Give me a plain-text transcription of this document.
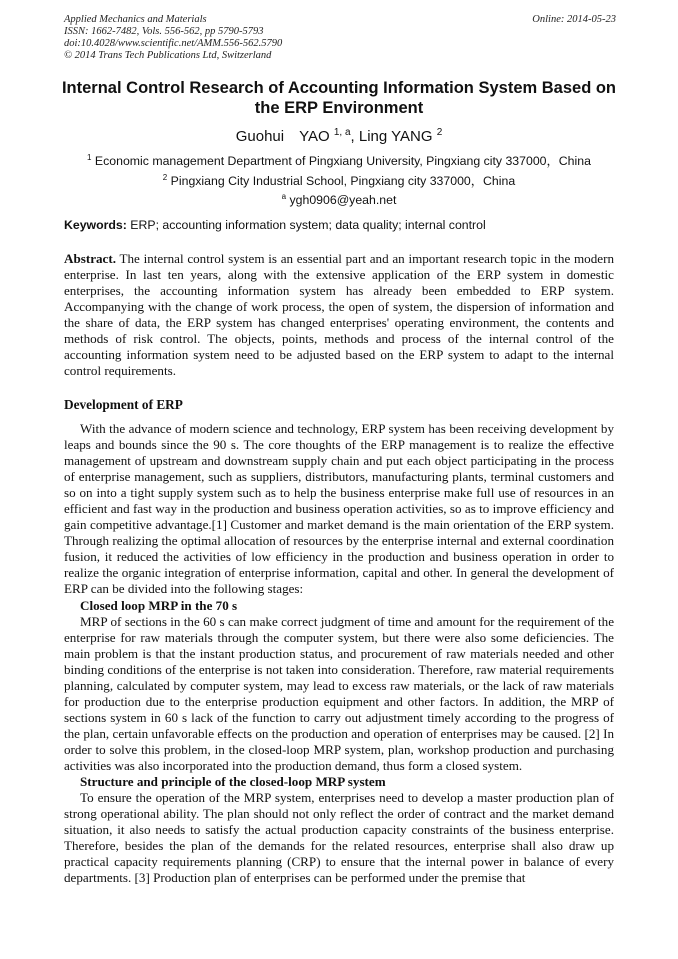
Applied Mechanics and Materials
ISSN: 1662-7482, Vols. 556-562, pp 5790-5793
doi:10.4028/www.scientific.net/AMM.556-562.5790
© 2014 Trans Tech Publications Ltd, Switzerland
Online: 2014-05-23
Internal Control Research of Accounting Information System Based on
the ERP Environment
Guohui　YAO $^{1, a}$, Ling YANG $^2$
$^1$ Economic management Department of Pingxiang University, Pingxiang city 337000，China
$^2$ Pingxiang City Industrial School, Pingxiang city 337000，China
$^a$ ygh0906@yeah.net
Keywords: ERP; accounting information system; data quality; internal control
Abstract. The internal control system is an essential part and an important research topic in the modern enterprise. In last ten years, along with the extensive application of the ERP system in domestic enterprises, the accounting information system has already been embedded to ERP system. Accompanying with the change of work process, the open of system, the dispersion of information and the share of data, the ERP system has changed enterprises' operating environment, the contents and methods of risk control. The objects, points, methods and process of the internal control of the accounting information system need to be adjusted based on the ERP system to adapt to the internal control requirements.
Development of ERP

With the advance of modern science and technology, ERP system has been receiving development by leaps and bounds since the 90 s. The core thoughts of the ERP management is to realize the effective management of upstream and downstream supply chain and put each object participating in the process of enterprise management, such as suppliers, distributors, manufacturing plants, terminal customers and so on into a tight supply system such as to help the business enterprise make full use of resources in an efficient and fast way in the production and business operation activities, so as to improve efficiency and gain competitive advantage.[1] Customer and market demand is the main orientation of the ERP system. Through realizing the optimal allocation of resources by the enterprise internal and external coordination fusion, it reduced the activities of low efficiency in the production and business operation in order to realize the organic integration of enterprise information, capital and other. In general the development of ERP can be divided into the following stages:

Closed loop MRP in the 70 s

MRP of sections in the 60 s can make correct judgment of time and amount for the requirement of the enterprise for raw materials through the computer system, but there were also some deficiencies. The main problem is that the instant production status, and procurement of raw materials needed and other binding conditions of the enterprise is not taken into consideration. Therefore, raw material requirements planning, calculated by computer system, may lead to excess raw materials, or the lack of raw materials for production due to the enterprise production equipment and other factors. In addition, the MRP of sections system in 60 s lack of the function to carry out adjustment timely according to the progress of the plan, certain unfavorable effects on the production and operation of enterprises may be caused. [2] In order to solve this problem, in the closed-loop MRP system, plan, workshop production and purchasing activities was also incorporated into the production demand, thus form a closed system.

Structure and principle of the closed-loop MRP system

To ensure the operation of the MRP system, enterprises need to develop a master production plan of strong operational ability. The plan should not only reflect the order of contract and the market demand situation, it also needs to satisfy the actual production capacity constraints of the business enterprise. Therefore, besides the plan of the demands for the related resources, enterprise shall also draw up practical capacity requirements planning (CRP) to ensure that the internal power in balance of every departments. [3] Production plan of enterprises can be performed under the premise that
